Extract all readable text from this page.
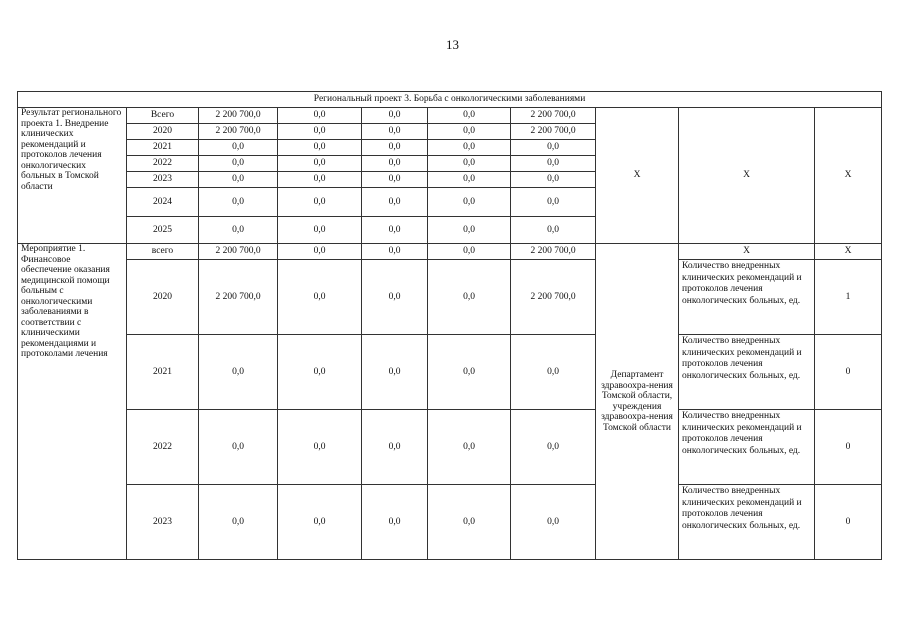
13
Региональный проект 3. Борьба с онкологическими заболеваниями									
Результат регионального проекта 1. Внедрение клинических рекомендаций и протоколов лечения онкологических больных в Томской области	Всего	2 200 700,0	0,0	0,0	0,0	2 200 700,0	X	X	X
	2020	2 200 700,0	0,0	0,0	0,0	2 200 700,0			
	2021	0,0	0,0	0,0	0,0	0,0			
	2022	0,0	0,0	0,0	0,0	0,0			
	2023	0,0	0,0	0,0	0,0	0,0			
	2024	0,0	0,0	0,0	0,0	0,0			
	2025	0,0	0,0	0,0	0,0	0,0			
Мероприятие 1. Финансовое обеспечение оказания медицинской помощи больным с онкологическими заболеваниями в соответствии с клиническими рекомендациями и протоколами лечения	всего	2 200 700,0	0,0	0,0	0,0	2 200 700,0	Департамент здравоохра-нения Томской области, учреждения здравоохра-нения Томской области	X	X
	2020	2 200 700,0	0,0	0,0	0,0	2 200 700,0		Количество внедренных клинических рекомендаций и протоколов лечения онкологических больных, ед.	1
	2021	0,0	0,0	0,0	0,0	0,0		Количество внедренных клинических рекомендаций и протоколов лечения онкологических больных, ед.	0
	2022	0,0	0,0	0,0	0,0	0,0		Количество внедренных клинических рекомендаций и протоколов лечения онкологических больных, ед.	0
	2023	0,0	0,0	0,0	0,0	0,0		Количество внедренных клинических рекомендаций и протоколов лечения онкологических больных, ед.	0
